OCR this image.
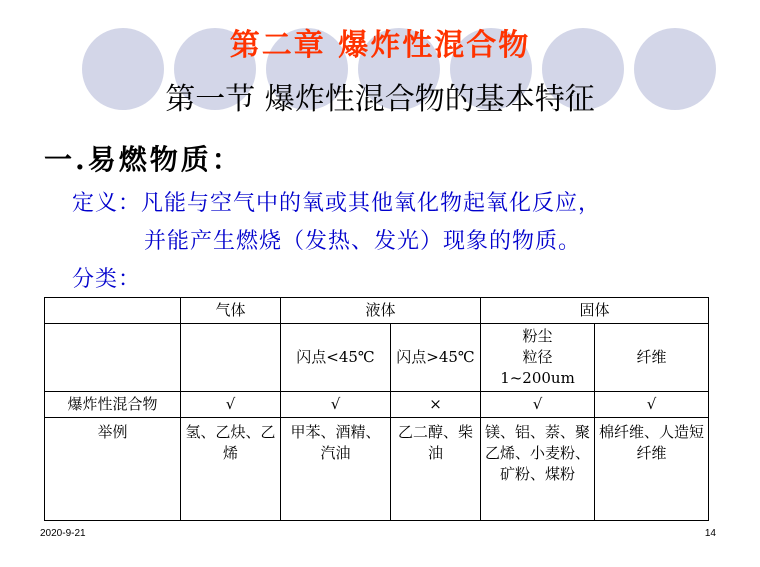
第二章 爆炸性混合物
第一节 爆炸性混合物的基本特征
一.易燃物质：
定义：凡能与空气中的氧或其他氧化物起氧化反应，
并能产生燃烧（发热、发光）现象的物质。
分类：
	气体	液体		固体	
		闪点<45℃	闪点>45℃	粉尘
粒径
1~200um	纤维
爆炸性混合物	√	√	×	√	√
举例	氢、乙炔、乙烯	甲苯、酒精、汽油	乙二醇、柴油	镁、铝、萘、聚乙烯、小麦粉、矿粉、煤粉	棉纤维、人造短纤维
2020-9-21	14
